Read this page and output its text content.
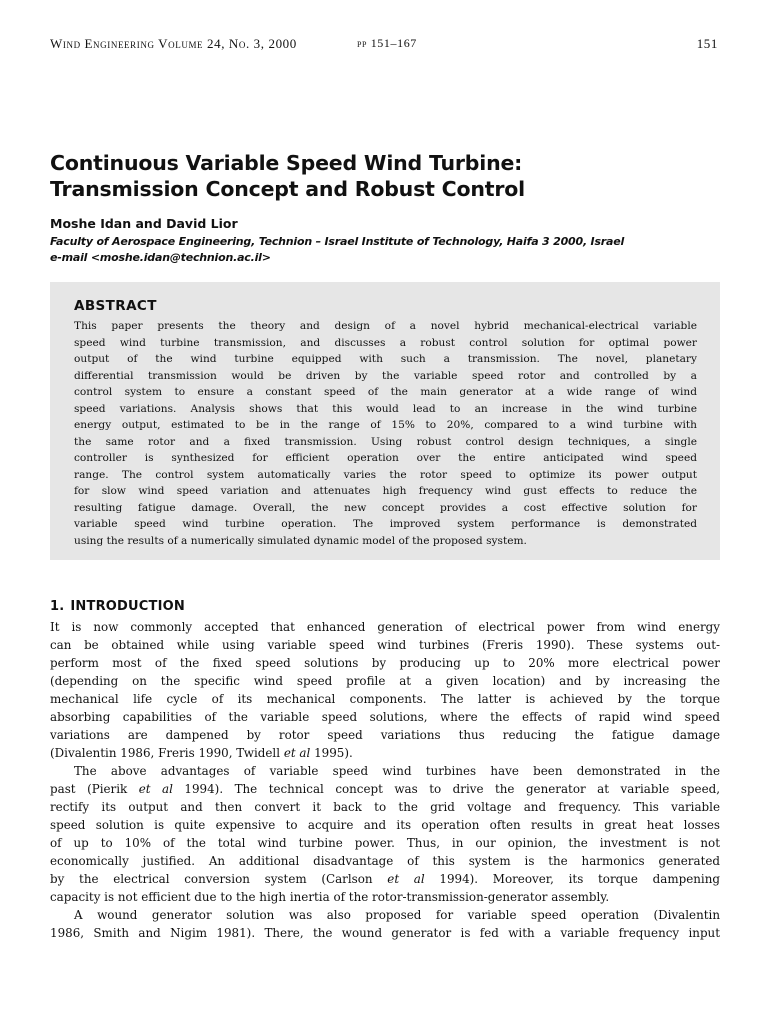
Wind Engineering Volume 24, No. 3, 2000	pp 151–167	151
Continuous Variable Speed Wind Turbine:
Transmission Concept and Robust Control
Moshe Idan and David Lior
Faculty of Aerospace Engineering, Technion – Israel Institute of Technology, Haifa 3 2000, Israel
e-mail <moshe.idan@technion.ac.il>
ABSTRACT
This paper presents the theory and design of a novel hybrid mechanical-electrical variable
speed wind turbine transmission, and discusses a robust control solution for optimal power
output of the wind turbine equipped with such a transmission. The novel, planetary
differential transmission would be driven by the variable speed rotor and controlled by a
control system to ensure a constant speed of the main generator at a wide range of wind
speed variations. Analysis shows that this would lead to an increase in the wind turbine
energy output, estimated to be in the range of 15% to 20%, compared to a wind turbine with
the same rotor and a fixed transmission. Using robust control design techniques, a single
controller is synthesized for efficient operation over the entire anticipated wind speed
range. The control system automatically varies the rotor speed to optimize its power output
for slow wind speed variation and attenuates high frequency wind gust effects to reduce the
resulting fatigue damage. Overall, the new concept provides a cost effective solution for
variable speed wind turbine operation. The improved system performance is demonstrated
using the results of a numerically simulated dynamic model of the proposed system.
1. INTRODUCTION
It is now commonly accepted that enhanced generation of electrical power from wind energy
can be obtained while using variable speed wind turbines (Freris 1990). These systems out-
perform most of the fixed speed solutions by producing up to 20% more electrical power
(depending on the specific wind speed profile at a given location) and by increasing the
mechanical life cycle of its mechanical components. The latter is achieved by the torque
absorbing capabilities of the variable speed solutions, where the effects of rapid wind speed
variations are dampened by rotor speed variations thus reducing the fatigue damage
(Divalentin 1986, Freris 1990, Twidell et al 1995).
The above advantages of variable speed wind turbines have been demonstrated in the
past (Pierik et al 1994). The technical concept was to drive the generator at variable speed,
rectify its output and then convert it back to the grid voltage and frequency. This variable
speed solution is quite expensive to acquire and its operation often results in great heat losses
of up to 10% of the total wind turbine power. Thus, in our opinion, the investment is not
economically justified. An additional disadvantage of this system is the harmonics generated
by the electrical conversion system (Carlson et al 1994). Moreover, its torque dampening
capacity is not efficient due to the high inertia of the rotor-transmission-generator assembly.
A wound generator solution was also proposed for variable speed operation (Divalentin
1986, Smith and Nigim 1981). There, the wound generator is fed with a variable frequency input
